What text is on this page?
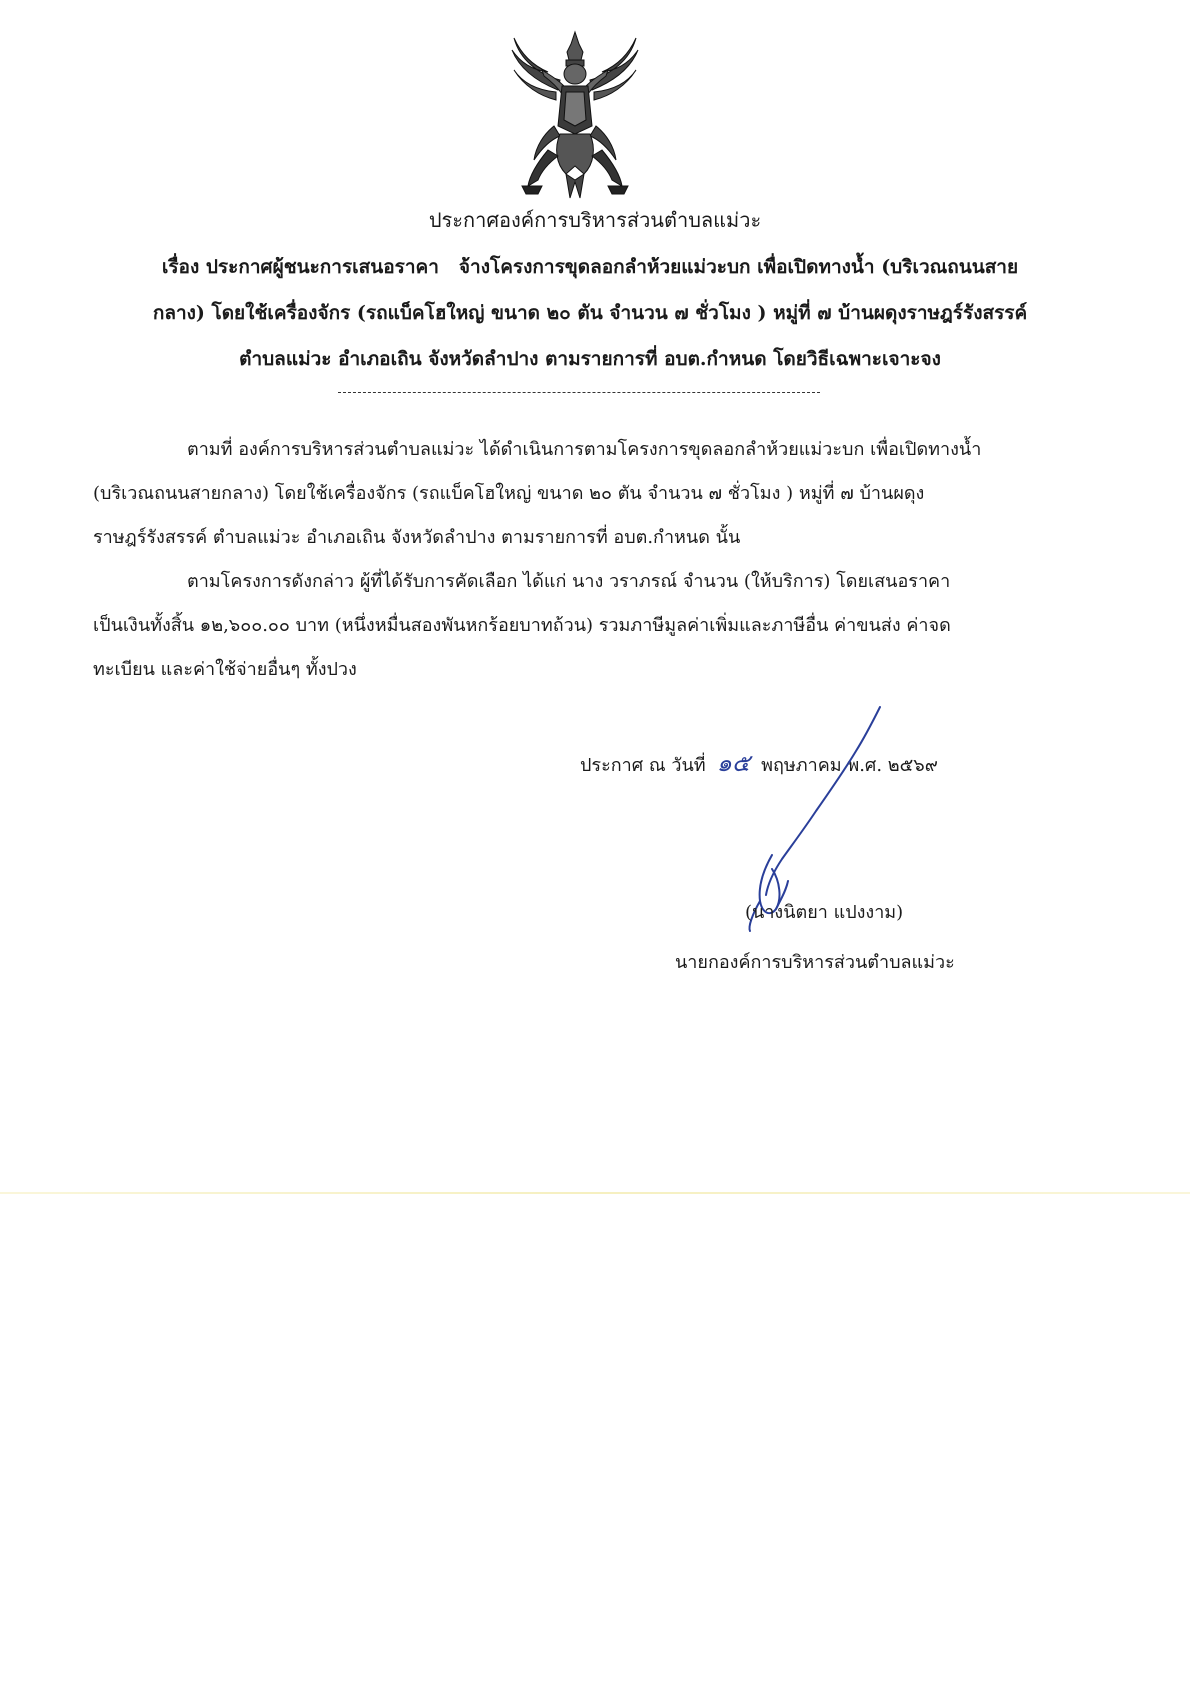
ประกาศองค์การบริหารส่วนตำบลแม่วะ
เรื่อง ประกาศผู้ชนะการเสนอราคา จ้างโครงการขุดลอกลำห้วยแม่วะบก เพื่อเปิดทางน้ำ (บริเวณถนนสาย
กลาง) โดยใช้เครื่องจักร (รถแบ็คโฮใหญ่ ขนาด ๒๐ ตัน จำนวน ๗ ชั่วโมง ) หมู่ที่ ๗ บ้านผดุงราษฎร์รังสรรค์
ตำบลแม่วะ อำเภอเถิน จังหวัดลำปาง ตามรายการที่ อบต.กำหนด โดยวิธีเฉพาะเจาะจง
ตามที่ องค์การบริหารส่วนตำบลแม่วะ ได้ดำเนินการตามโครงการขุดลอกลำห้วยแม่วะบก เพื่อเปิดทางน้ำ
(บริเวณถนนสายกลาง) โดยใช้เครื่องจักร (รถแบ็คโฮใหญ่ ขนาด ๒๐ ตัน จำนวน ๗ ชั่วโมง ) หมู่ที่ ๗ บ้านผดุง
ราษฎร์รังสรรค์ ตำบลแม่วะ อำเภอเถิน จังหวัดลำปาง ตามรายการที่ อบต.กำหนด นั้น
ตามโครงการดังกล่าว ผู้ที่ได้รับการคัดเลือก ได้แก่ นาง วราภรณ์ จำนวน (ให้บริการ) โดยเสนอราคา
เป็นเงินทั้งสิ้น ๑๒,๖๐๐.๐๐ บาท (หนึ่งหมื่นสองพันหกร้อยบาทถ้วน) รวมภาษีมูลค่าเพิ่มและภาษีอื่น ค่าขนส่ง ค่าจด
ทะเบียน และค่าใช้จ่ายอื่นๆ ทั้งปวง
ประกาศ ณ วันที่ ๑๕ พฤษภาคม พ.ศ. ๒๕๖๙
(นางนิตยา แปงงาม)
นายกองค์การบริหารส่วนตำบลแม่วะ
